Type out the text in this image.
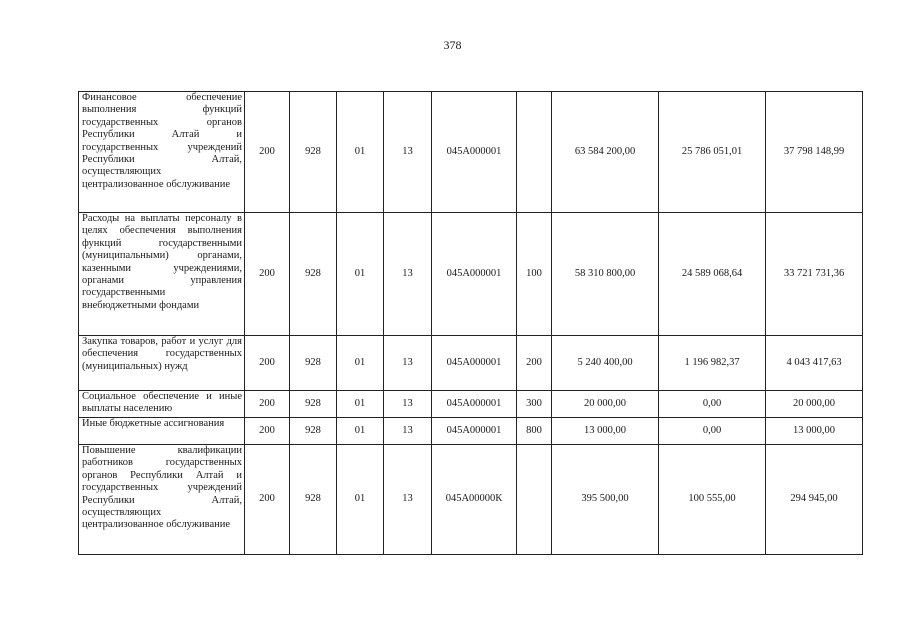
378
Финансовое обеспечение выполнения функций государственных органов Республики Алтай и государственных учреждений Республики Алтай, осуществляющих централизованное обслуживание	200	928	01	13	045А000001		63 584 200,00	25 786 051,01	37 798 148,99
Расходы на выплаты персоналу в целях обеспечения выполнения функций государственными (муниципальными) органами, казенными учреждениями, органами управления государственными внебюджетными фондами	200	928	01	13	045А000001	100	58 310 800,00	24 589 068,64	33 721 731,36
Закупка товаров, работ и услуг для обеспечения государственных (муниципальных) нужд	200	928	01	13	045А000001	200	5 240 400,00	1 196 982,37	4 043 417,63
Социальное обеспечение и иные выплаты населению	200	928	01	13	045А000001	300	20 000,00	0,00	20 000,00
Иные бюджетные ассигнования	200	928	01	13	045А000001	800	13 000,00	0,00	13 000,00
Повышение квалификации работников государственных органов Республики Алтай и государственных учреждений Республики Алтай, осуществляющих централизованное обслуживание	200	928	01	13	045А00000К		395 500,00	100 555,00	294 945,00
